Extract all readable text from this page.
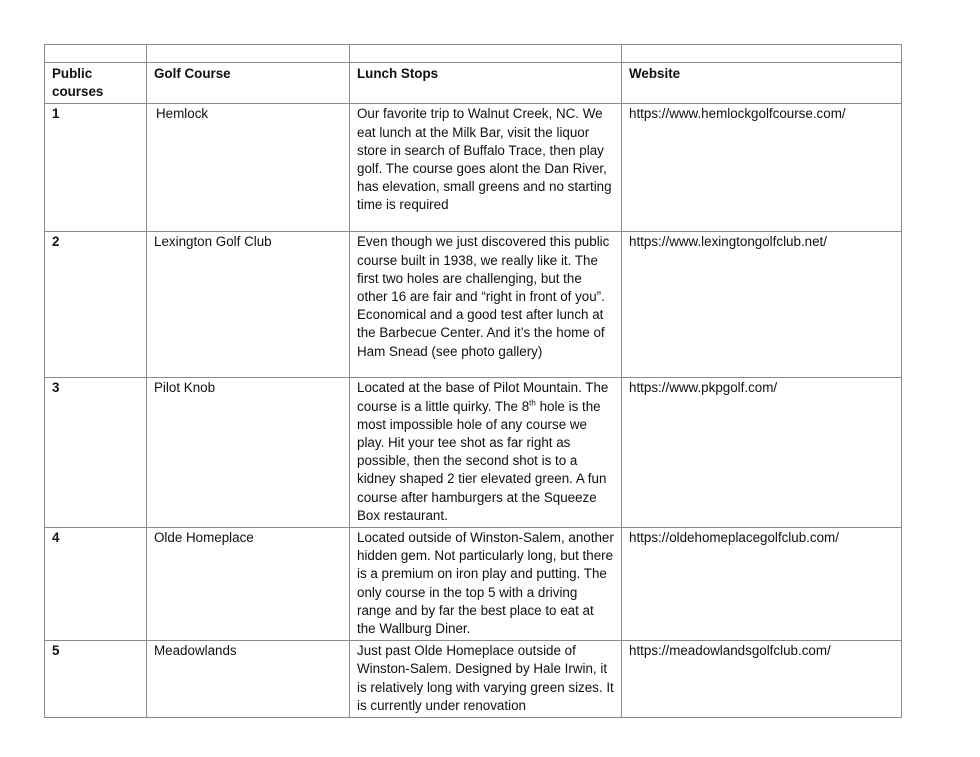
Public courses	Golf Course	Lunch Stops	Website
1	Hemlock	Our favorite trip to Walnut Creek, NC. We eat lunch at the Milk Bar, visit the liquor store in search of Buffalo Trace, then play golf. The course goes alont the Dan River, has elevation, small greens and no starting time is required	https://www.hemlockgolfcourse.com/
2	Lexington Golf Club	Even though we just discovered this public course built in 1938, we really like it. The first two holes are challenging, but the other 16 are fair and “right in front of you”. Economical and a good test after lunch at the Barbecue Center. And it’s the home of Ham Snead (see photo gallery)	https://www.lexingtongolfclub.net/
3	Pilot Knob	Located at the base of Pilot Mountain. The course is a little quirky. The 8th hole is the most impossible hole of any course we play. Hit your tee shot as far right as possible, then the second shot is to a kidney shaped 2 tier elevated green. A fun course after hamburgers at the Squeeze Box restaurant.	https://www.pkpgolf.com/
4	Olde Homeplace	Located outside of Winston-Salem, another hidden gem. Not particularly long, but there is a premium on iron play and putting. The only course in the top 5 with a driving range and by far the best place to eat at the Wallburg Diner.	https://oldehomeplacegolfclub.com/
5	Meadowlands	Just past Olde Homeplace outside of Winston-Salem. Designed by Hale Irwin, it is relatively long with varying green sizes. It is currently under renovation	https://meadowlandsgolfclub.com/
